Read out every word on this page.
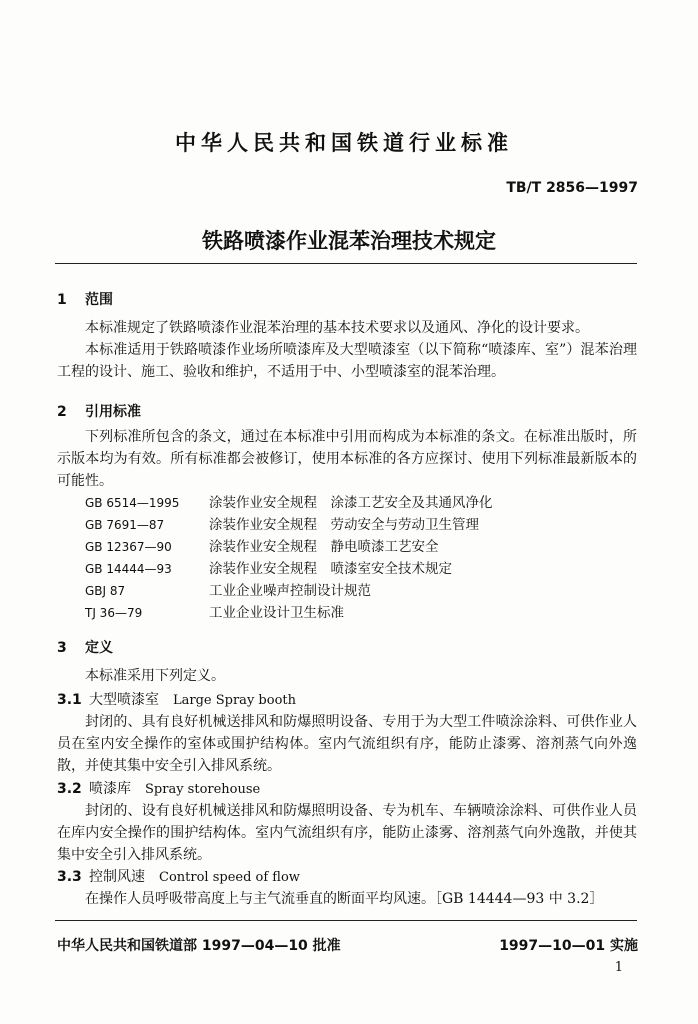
中华人民共和国铁道行业标准
TB/T 2856—1997
铁路喷漆作业混苯治理技术规定
1 范围
本标准规定了铁路喷漆作业混苯治理的基本技术要求以及通风、净化的设计要求。
本标准适用于铁路喷漆作业场所喷漆库及大型喷漆室（以下简称“喷漆库、室”）混苯治理工程的设计、施工、验收和维护，不适用于中、小型喷漆室的混苯治理。
2 引用标准
下列标准所包含的条文，通过在本标准中引用而构成为本标准的条文。在标准出版时，所示版本均为有效。所有标准都会被修订，使用本标准的各方应探讨、使用下列标准最新版本的可能性。
GB 6514—1995 涂装作业安全规程　涂漆工艺安全及其通风净化
GB 7691—87	涂装作业安全规程　劳动安全与劳动卫生管理
GB 12367—90	涂装作业安全规程　静电喷漆工艺安全
GB 14444—93	涂装作业安全规程　喷漆室安全技术规定
GBJ 87	工业企业噪声控制设计规范
TJ 36—79	工业企业设计卫生标准
3 定义
本标准采用下列定义。
3.1 大型喷漆室 Large Spray booth
封闭的、具有良好机械送排风和防爆照明设备、专用于为大型工件喷涂涂料、可供作业人员在室内安全操作的室体或围护结构体。室内气流组织有序，能防止漆雾、溶剂蒸气向外逸散，并使其集中安全引入排风系统。
3.2 喷漆库 Spray storehouse
封闭的、设有良好机械送排风和防爆照明设备、专为机车、车辆喷涂涂料、可供作业人员在库内安全操作的围护结构体。室内气流组织有序，能防止漆雾、溶剂蒸气向外逸散，并使其集中安全引入排风系统。
3.3 控制风速 Control speed of flow
在操作人员呼吸带高度上与主气流垂直的断面平均风速。［GB 14444—93 中 3.2］
中华人民共和国铁道部 1997—04—10 批准	1997—10—01 实施
1
